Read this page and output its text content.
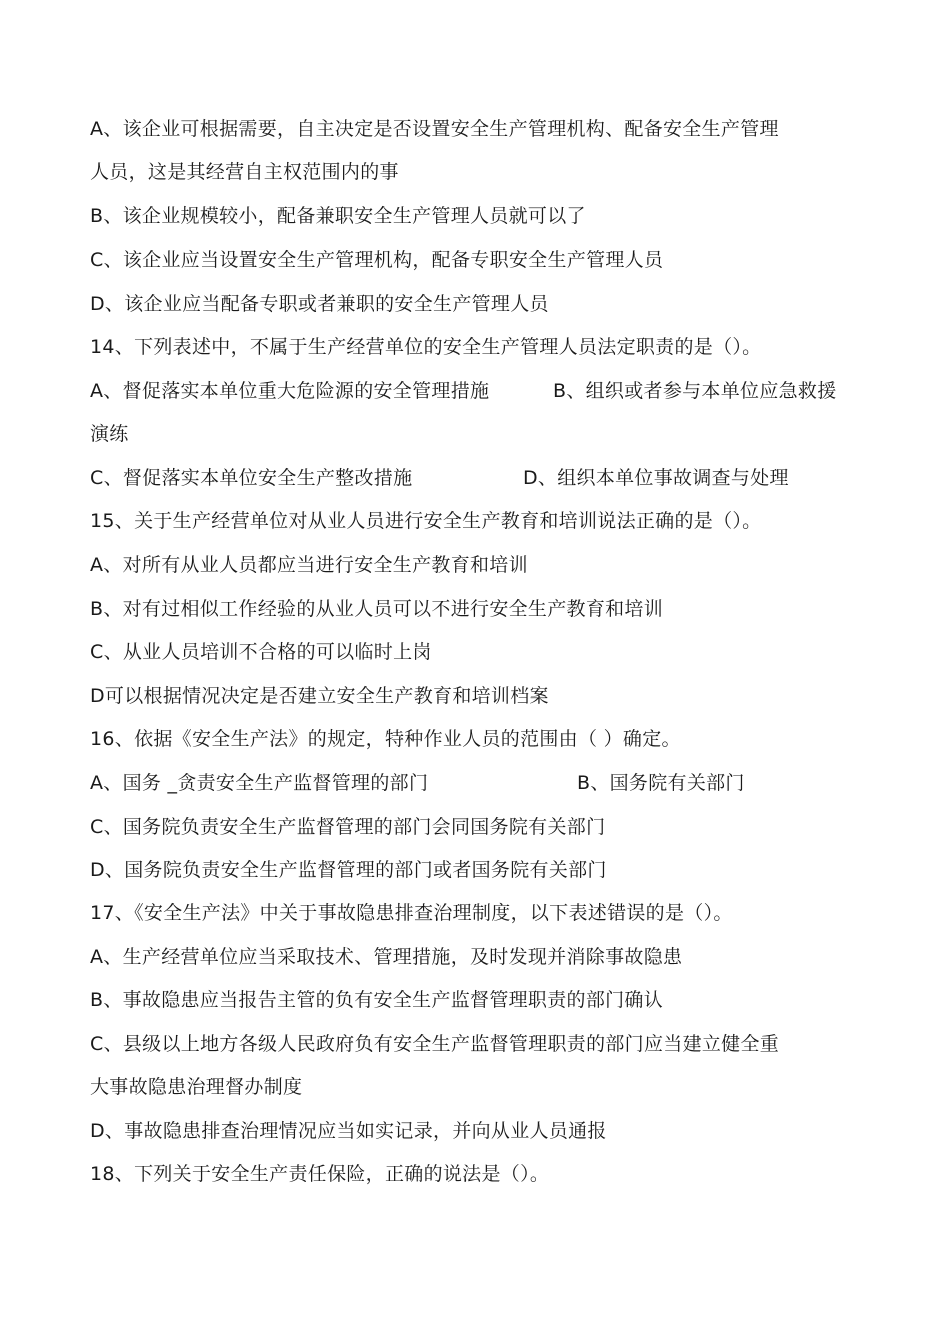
A、该企业可根据需要，自主决定是否设置安全生产管理机构、配备安全生产管理
人员，这是其经营自主权范围内的事
B、该企业规模较小，配备兼职安全生产管理人员就可以了
C、该企业应当设置安全生产管理机构，配备专职安全生产管理人员
D、该企业应当配备专职或者兼职的安全生产管理人员
14、下列表述中，不属于生产经营单位的安全生产管理人员法定职责的是（）。
A、督促落实本单位重大危险源的安全管理措施	B、组织或者参与本单位应急救援
演练
C、督促落实本单位安全生产整改措施	D、组织本单位事故调查与处理
15、关于生产经营单位对从业人员进行安全生产教育和培训说法正确的是（）。
A、对所有从业人员都应当进行安全生产教育和培训
B、对有过相似工作经验的从业人员可以不进行安全生产教育和培训
C、从业人员培训不合格的可以临时上岗
D可以根据情况决定是否建立安全生产教育和培训档案
16、依据《安全生产法》的规定，特种作业人员的范围由（ ）确定。
A、国务 _贪责安全生产监督管理的部门	B、国务院有关部门
C、国务院负责安全生产监督管理的部门会同国务院有关部门
D、国务院负责安全生产监督管理的部门或者国务院有关部门
17、《安全生产法》中关于事故隐患排查治理制度，以下表述错误的是（）。
A、生产经营单位应当采取技术、管理措施，及时发现并消除事故隐患
B、事故隐患应当报告主管的负有安全生产监督管理职责的部门确认
C、县级以上地方各级人民政府负有安全生产监督管理职责的部门应当建立健全重
大事故隐患治理督办制度
D、事故隐患排查治理情况应当如实记录，并向从业人员通报
18、下列关于安全生产责任保险，正确的说法是（）。
